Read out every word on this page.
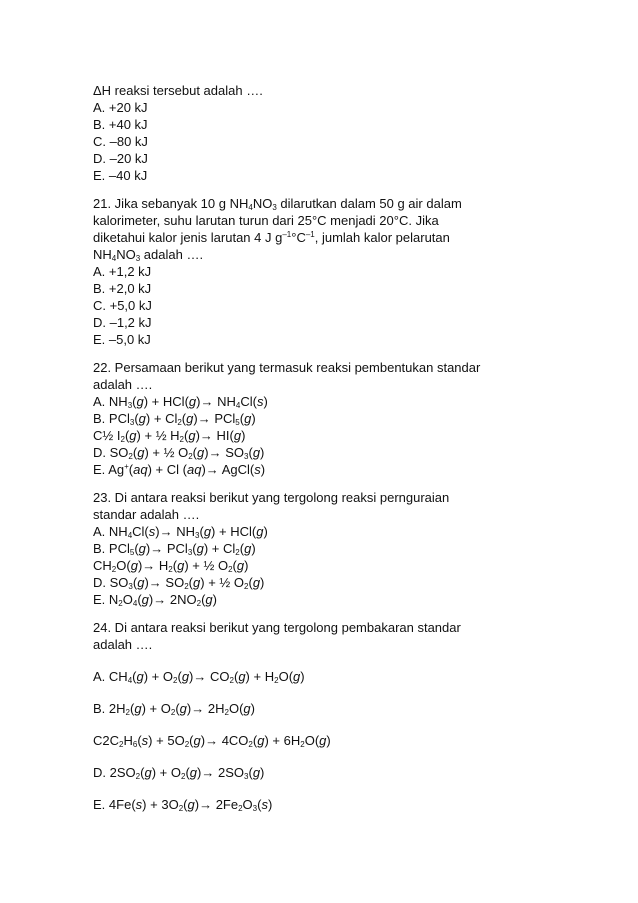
ΔH reaksi tersebut adalah ….
A. +20 kJ
B. +40 kJ
C. –80 kJ
D. –20 kJ
E. –40 kJ
21. Jika sebanyak 10 g $NH_4NO_3$ dilarutkan dalam 50 g air dalam
kalorimeter, suhu larutan turun dari 25°C menjadi 20°C. Jika
diketahui kalor jenis larutan 4 J $g^{-1}^\circ C^{-1}$, jumlah kalor pelarutan
$NH_4NO_3$ adalah ….
A. +1,2 kJ
B. +2,0 kJ
C. +5,0 kJ
D. –1,2 kJ
E. –5,0 kJ
22. Persamaan berikut yang termasuk reaksi pembentukan standar
adalah ….
A. $NH_3(g) + HCl(g)\to NH_4Cl(s)$
B. $PCl_3(g) + Cl_2(g)\to PCl_5(g)$
C½ $I_2(g)$ + ½ $H_2(g)\to HI(g)$
D. $SO_2(g)$ + ½ $O_2(g)\to SO_3(g)$
E. Ag+(aq) + Cl (aq)→ AgCl(s)
23. Di antara reaksi berikut yang tergolong reaksi pernguraian
standar adalah ….
A. $NH_4Cl(s)\to NH_3(g) + HCl(g)$
B. $PCl_5(g)\to PCl_3(g) + Cl_2(g)$
$CH_2O(g)\to H_2(g)$ + ½ $O_2(g)$
D. $SO_3(g)\to SO_2(g)$ + ½ $O_2(g)$
E. $N_2O_4(g)\to 2NO_2(g)$
24. Di antara reaksi berikut yang tergolong pembakaran standar
adalah ….
A. $CH_4(g) + O_2(g)\to CO_2(g) + H_2O(g)$
B. $2H_2(g) + O_2(g)\to 2H_2O(g)$
$C2C_2H_6(s) + 5O_2(g)\to 4CO_2(g) + 6H_2O(g)$
D. $2SO_2(g) + O_2(g)\to 2SO_3(g)$
E. $4Fe(s) + 3O_2(g)\to 2Fe_2O_3(s)$
